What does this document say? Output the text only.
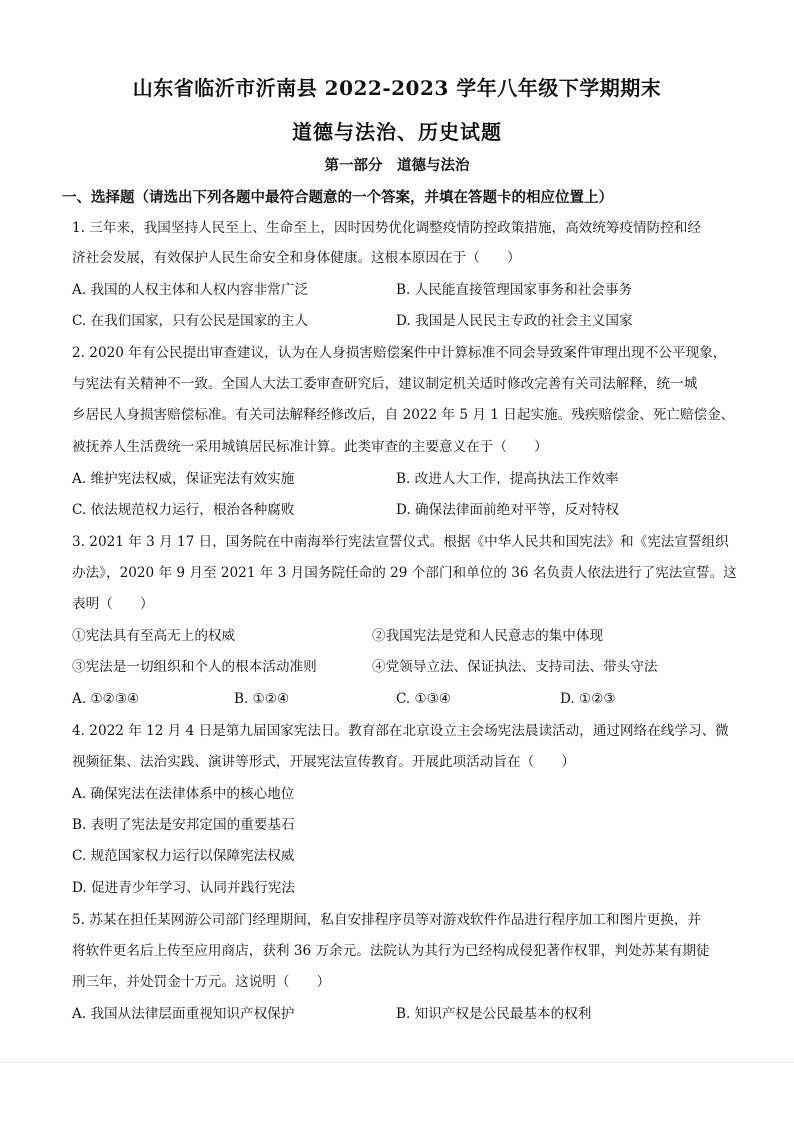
山东省临沂市沂南县 2022-2023 学年八年级下学期期末
道德与法治、历史试题
第一部分　道德与法治
一、选择题（请选出下列各题中最符合题意的一个答案，并填在答题卡的相应位置上）
1. 三年来，我国坚持人民至上、生命至上，因时因势优化调整疫情防控政策措施，高效统筹疫情防控和经
济社会发展，有效保护人民生命安全和身体健康。这根本原因在于（　　）
A. 我国的人权主体和人权内容非常广泛	B. 人民能直接管理国家事务和社会事务
C. 在我们国家，只有公民是国家的主人	D. 我国是人民民主专政的社会主义国家
2. 2020 年有公民提出审查建议，认为在人身损害赔偿案件中计算标准不同会导致案件审理出现不公平现象，
与宪法有关精神不一致。全国人大法工委审查研究后，建议制定机关适时修改完善有关司法解释，统一城
乡居民人身损害赔偿标准。有关司法解释经修改后，自 2022 年 5 月 1 日起实施。残疾赔偿金、死亡赔偿金、
被抚养人生活费统一采用城镇居民标准计算。此类审查的主要意义在于（　　）
A. 维护宪法权威，保证宪法有效实施	B. 改进人大工作，提高执法工作效率
C. 依法规范权力运行，根治各种腐败	D. 确保法律面前绝对平等，反对特权
3. 2021 年 3 月 17 日，国务院在中南海举行宪法宣誓仪式。根据《中华人民共和国宪法》和《宪法宣誓组织
办法》，2020 年 9 月至 2021 年 3 月国务院任命的 29 个部门和单位的 36 名负责人依法进行了宪法宣誓。这
表明（　　）
①宪法具有至高无上的权威	②我国宪法是党和人民意志的集中体现
③宪法是一切组织和个人的根本活动准则	④党领导立法、保证执法、支持司法、带头守法
A. ①②③④	B. ①②④	C. ①③④	D. ①②③
4. 2022 年 12 月 4 日是第九届国家宪法日。教育部在北京设立主会场宪法晨读活动，通过网络在线学习、微
视频征集、法治实践、演讲等形式，开展宪法宣传教育。开展此项活动旨在（　　）
A. 确保宪法在法律体系中的核心地位
B. 表明了宪法是安邦定国的重要基石
C. 规范国家权力运行以保障宪法权威
D. 促进青少年学习、认同并践行宪法
5. 苏某在担任某网游公司部门经理期间，私自安排程序员等对游戏软件作品进行程序加工和图片更换，并
将软件更名后上传至应用商店，获利 36 万余元。法院认为其行为已经构成侵犯著作权罪，判处苏某有期徒
刑三年，并处罚金十万元。这说明（　　）
A. 我国从法律层面重视知识产权保护	B. 知识产权是公民最基本的权利
